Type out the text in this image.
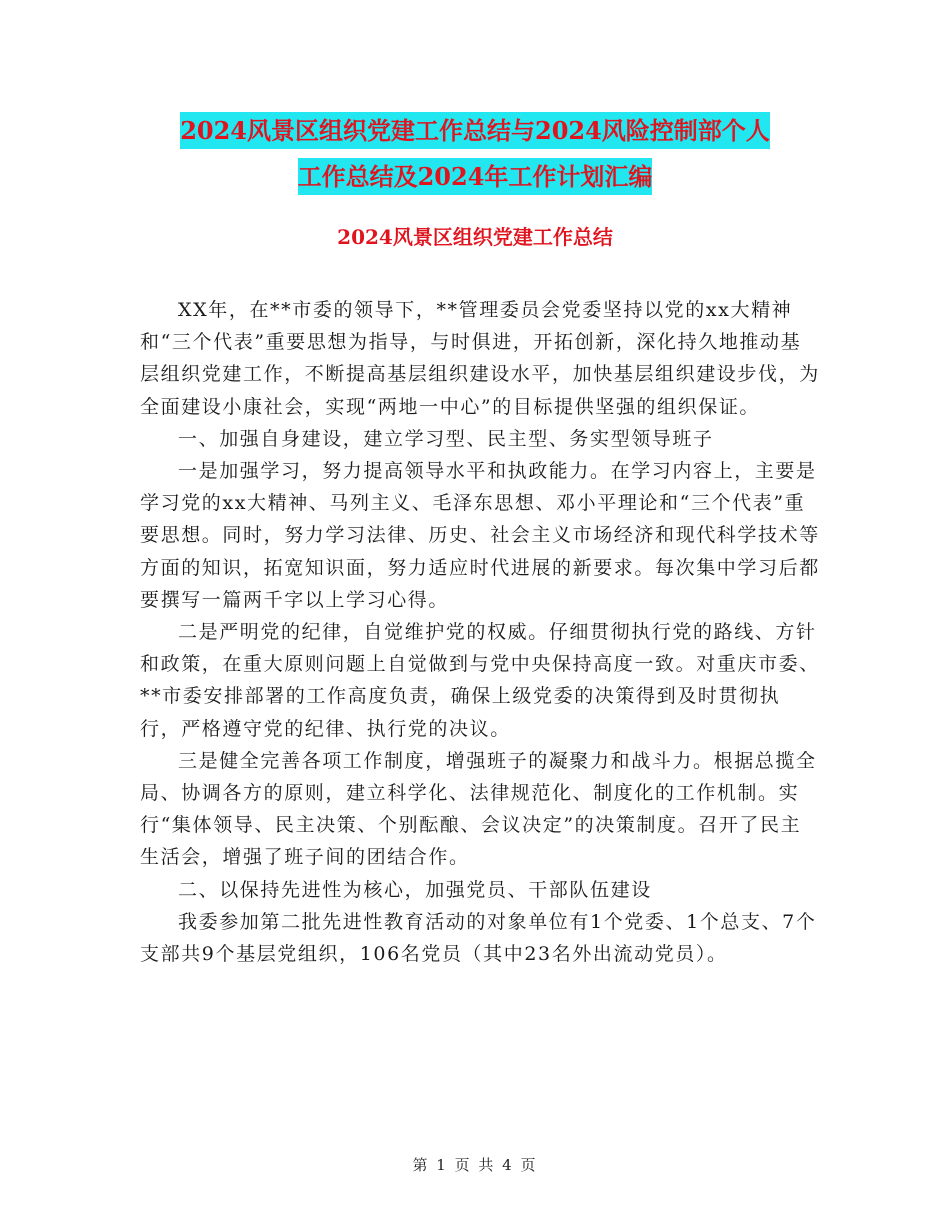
2024风景区组织党建工作总结与2024风险控制部个人
工作总结及2024年工作计划汇编
2024风景区组织党建工作总结

XX年，在**市委的领导下，**管理委员会党委坚持以党的xx大精神和“三个代表”重要思想为指导，与时俱进，开拓创新，深化持久地推动基层组织党建工作，不断提高基层组织建设水平，加快基层组织建设步伐，为全面建设小康社会，实现“两地一中心”的目标提供坚强的组织保证。

一、加强自身建设，建立学习型、民主型、务实型领导班子

一是加强学习，努力提高领导水平和执政能力。在学习内容上，主要是学习党的xx大精神、马列主义、毛泽东思想、邓小平理论和“三个代表”重要思想。同时，努力学习法律、历史、社会主义市场经济和现代科学技术等方面的知识，拓宽知识面，努力适应时代进展的新要求。每次集中学习后都要撰写一篇两千字以上学习心得。

二是严明党的纪律，自觉维护党的权威。仔细贯彻执行党的路线、方针和政策，在重大原则问题上自觉做到与党中央保持高度一致。对重庆市委、**市委安排部署的工作高度负责，确保上级党委的决策得到及时贯彻执行，严格遵守党的纪律、执行党的决议。

三是健全完善各项工作制度，增强班子的凝聚力和战斗力。根据总揽全局、协调各方的原则，建立科学化、法律规范化、制度化的工作机制。实行“集体领导、民主决策、个别酝酿、会议决定”的决策制度。召开了民主生活会，增强了班子间的团结合作。

二、以保持先进性为核心，加强党员、干部队伍建设

我委参加第二批先进性教育活动的对象单位有1个党委、1个总支、7个支部共9个基层党组织，106名党员（其中23名外出流动党员）。

第 1 页 共 4 页
